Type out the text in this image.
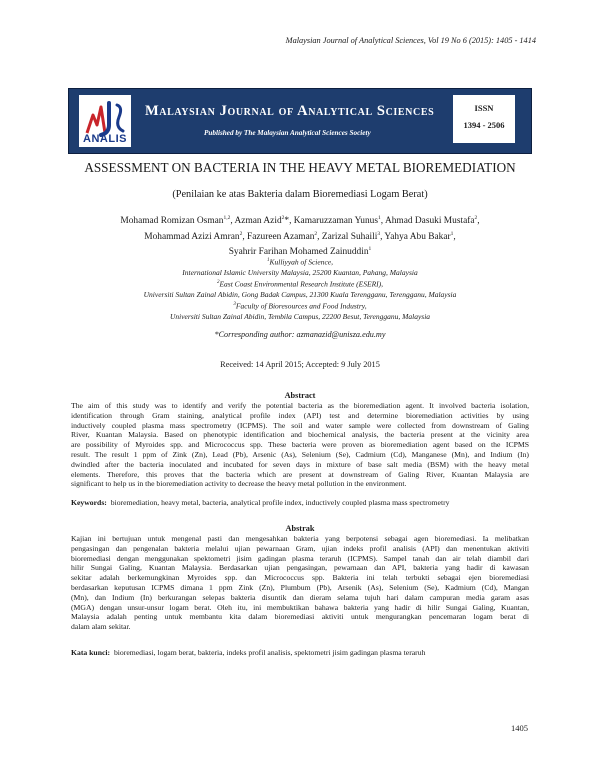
Malaysian Journal of Analytical Sciences, Vol 19 No 6 (2015): 1405 - 1414
ANALIS
Malaysian Journal of Analytical Sciences
Published by The Malaysian Analytical Sciences Society
ISSN
1394 - 2506
ASSESSMENT ON BACTERIA IN THE HEAVY METAL BIOREMEDIATION
(Penilaian ke atas Bakteria dalam Bioremediasi Logam Berat)
Mohamad Romizan Osman$^{1,2}$, Azman Azid$^2$*, Kamaruzzaman Yunus$^1$, Ahmad Dasuki Mustafa$^2$,
Mohammad Azizi Amran$^2$, Fazureen Azaman$^2$, Zarizal Suhaili$^3$, Yahya Abu Bakar$^1$,
Syahrir Farihan Mohamed Zainuddin$^1$
$^1$Kulliyyah of Science,
International Islamic University Malaysia, 25200 Kuantan, Pahang, Malaysia
$^2$East Coast Environmental Research Institute (ESERI),
Universiti Sultan Zainal Abidin, Gong Badak Campus, 21300 Kuala Terengganu, Terengganu, Malaysia
$^3$Faculty of Bioresources and Food Industry,
Universiti Sultan Zainal Abidin, Tembila Campus, 22200 Besut, Terengganu, Malaysia
*Corresponding author: azmanazid@unisza.edu.my
Received: 14 April 2015; Accepted: 9 July 2015
Abstract
The aim of this study was to identify and verify the potential bacteria as the bioremediation agent. It involved bacteria isolation,
identification through Gram staining, analytical profile index (API) test and determine bioremediation activities by using
inductively coupled plasma mass spectrometry (ICPMS). The soil and water sample were collected from downstream of Galing
River, Kuantan Malaysia. Based on phenotypic identification and biochemical analysis, the bacteria present at the vicinity area
are possibility of Myroides spp. and Micrococcus spp. These bacteria were proven as bioremediation agent based on the ICPMS
result. The result 1 ppm of Zink (Zn), Lead (Pb), Arsenic (As), Selenium (Se), Cadmium (Cd), Manganese (Mn), and Indium (In)
dwindled after the bacteria inoculated and incubated for seven days in mixture of base salt media (BSM) with the heavy metal
elements. Therefore, this proves that the bacteria which are present at downstream of Galing River, Kuantan Malaysia are
significant to help us in the bioremediation activity to decrease the heavy metal pollution in the environment.
Keywords: bioremediation, heavy metal, bacteria, analytical profile index, inductively coupled plasma mass spectrometry
Abstrak
Kajian ini bertujuan untuk mengenal pasti dan mengesahkan bakteria yang berpotensi sebagai agen bioremediasi. Ia melibatkan
pengasingan dan pengenalan bakteria melalui ujian pewarnaan Gram, ujian indeks profil analisis (API) dan menentukan aktiviti
bioremediasi dengan menggunakan spektometri jisim gadingan plasma teraruh (ICPMS). Sampel tanah dan air telah diambil dari
hilir Sungai Galing, Kuantan Malaysia. Berdasarkan ujian pengasingan, pewarnaan dan API, bakteria yang hadir di kawasan
sekitar adalah berkemungkinan Myroides spp. dan Micrococcus spp. Bakteria ini telah terbukti sebagai ejen bioremediasi
berdasarkan keputusan ICPMS dimana 1 ppm Zink (Zn), Plumbum (Pb), Arsenik (As), Selenium (Se), Kadmium (Cd), Mangan
(Mn), dan Indium (In) berkurangan selepas bakteria disuntik dan dieram selama tujuh hari dalam campuran media garam asas
(MGA) dengan unsur-unsur logam berat. Oleh itu, ini membuktikan bahawa bakteria yang hadir di hilir Sungai Galing, Kuantan,
Malaysia adalah penting untuk membantu kita dalam bioremediasi aktiviti untuk mengurangkan pencemaran logam berat di
dalam alam sekitar.
Kata kunci: bioremediasi, logam berat, bakteria, indeks profil analisis, spektometri jisim gadingan plasma teraruh
1405
